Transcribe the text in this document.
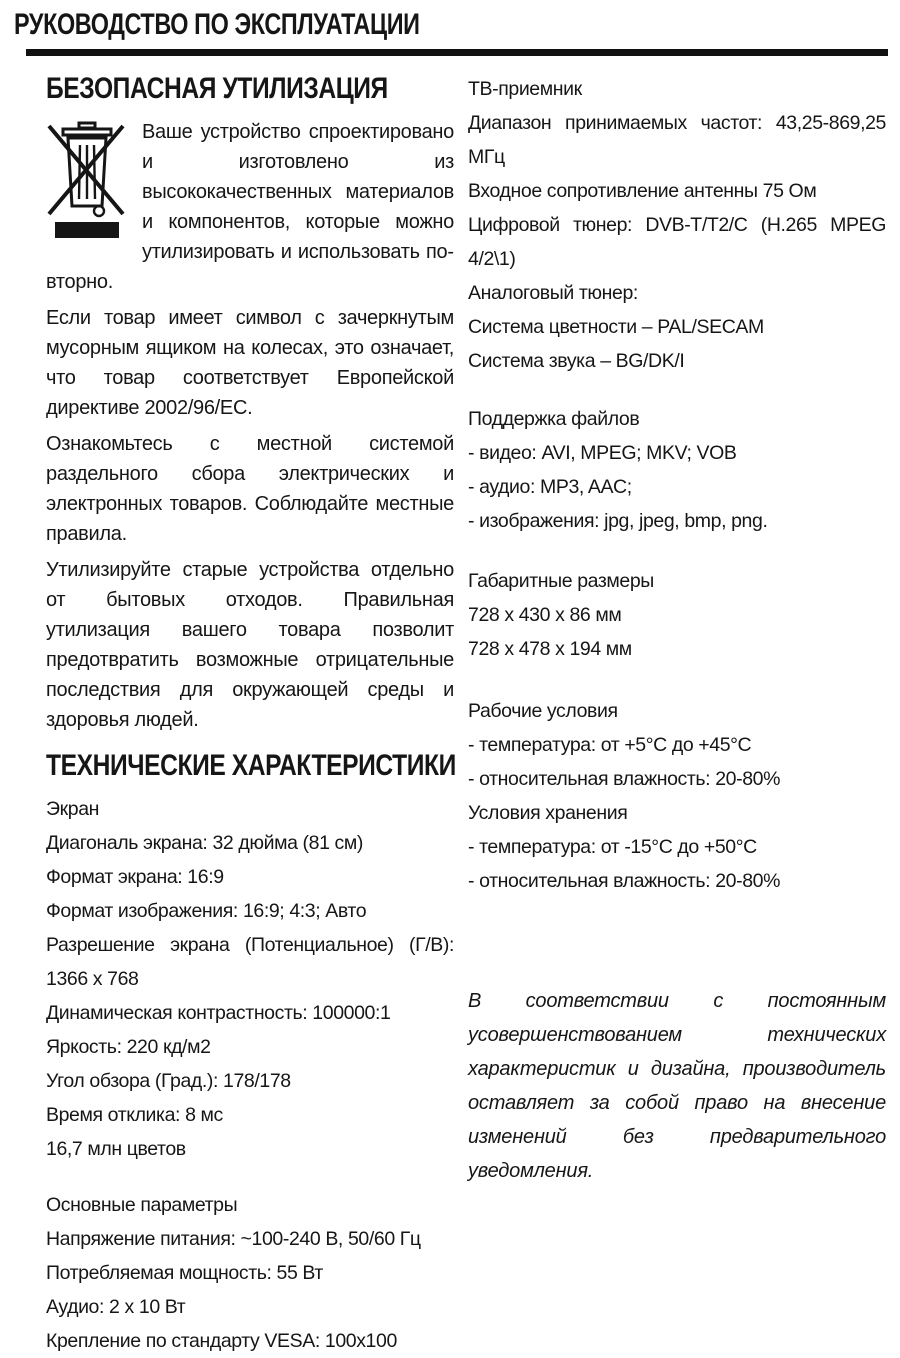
РУКОВОДСТВО ПО ЭКСПЛУАТАЦИИ
БЕЗОПАСНАЯ УТИЛИЗАЦИЯ
Ваше устройство спроектировано и изготовлено из высококачественных материалов и компонентов, которые можно утилизировать и использовать повторно.
Если товар имеет символ с зачеркнутым мусорным ящиком на колесах, это означает, что товар соответствует Европейской директиве 2002/96/ЕС.
Ознакомьтесь с местной системой раздельного сбора электрических и электронных товаров. Соблюдайте местные правила.
Утилизируйте старые устройства отдельно от бытовых отходов. Правильная утилизация вашего товара позволит предотвратить возможные отрицательные последствия для окружающей среды и здоровья людей.
ТЕХНИЧЕСКИЕ ХАРАКТЕРИСТИКИ
Экран
Диагональ экрана: 32 дюйма (81 см)
Формат экрана: 16:9
Формат изображения: 16:9; 4:3; Авто
Разрешение экрана (Потенциальное) (Г/В): 1366 х 768
Динамическая контрастность: 100000:1
Яркость: 220 кд/м2
Угол обзора (Град.): 178/178
Время отклика: 8 мс
16,7 млн цветов
Основные параметры
Напряжение питания: ~100-240 В, 50/60 Гц
Потребляемая мощность: 55 Вт
Аудио: 2 х 10 Вт
Крепление по стандарту VESA: 100х100
ТВ-приемник
Диапазон принимаемых частот: 43,25-869,25 МГц
Входное сопротивление антенны 75 Ом
Цифровой тюнер: DVB-T/T2/C (H.265 MPEG 4/2\1)
Аналоговый тюнер:
Система цветности – PAL/SECAM
Система звука – BG/DK/I
Поддержка файлов
- видео: AVI, MPEG; MKV; VOB
- аудио: MP3, AAC;
- изображения: jpg, jpeg, bmp, png.
Габаритные размеры
728 х 430 х 86 мм
728 х 478 х 194 мм
Рабочие условия
- температура: от +5°C до +45°C
- относительная влажность: 20-80%
Условия хранения
- температура: от -15°C до +50°C
- относительная влажность: 20-80%
В соответствии с постоянным усовершенствованием технических характеристик и дизайна, производитель оставляет за собой право на внесение изменений без предварительного уведомления.
